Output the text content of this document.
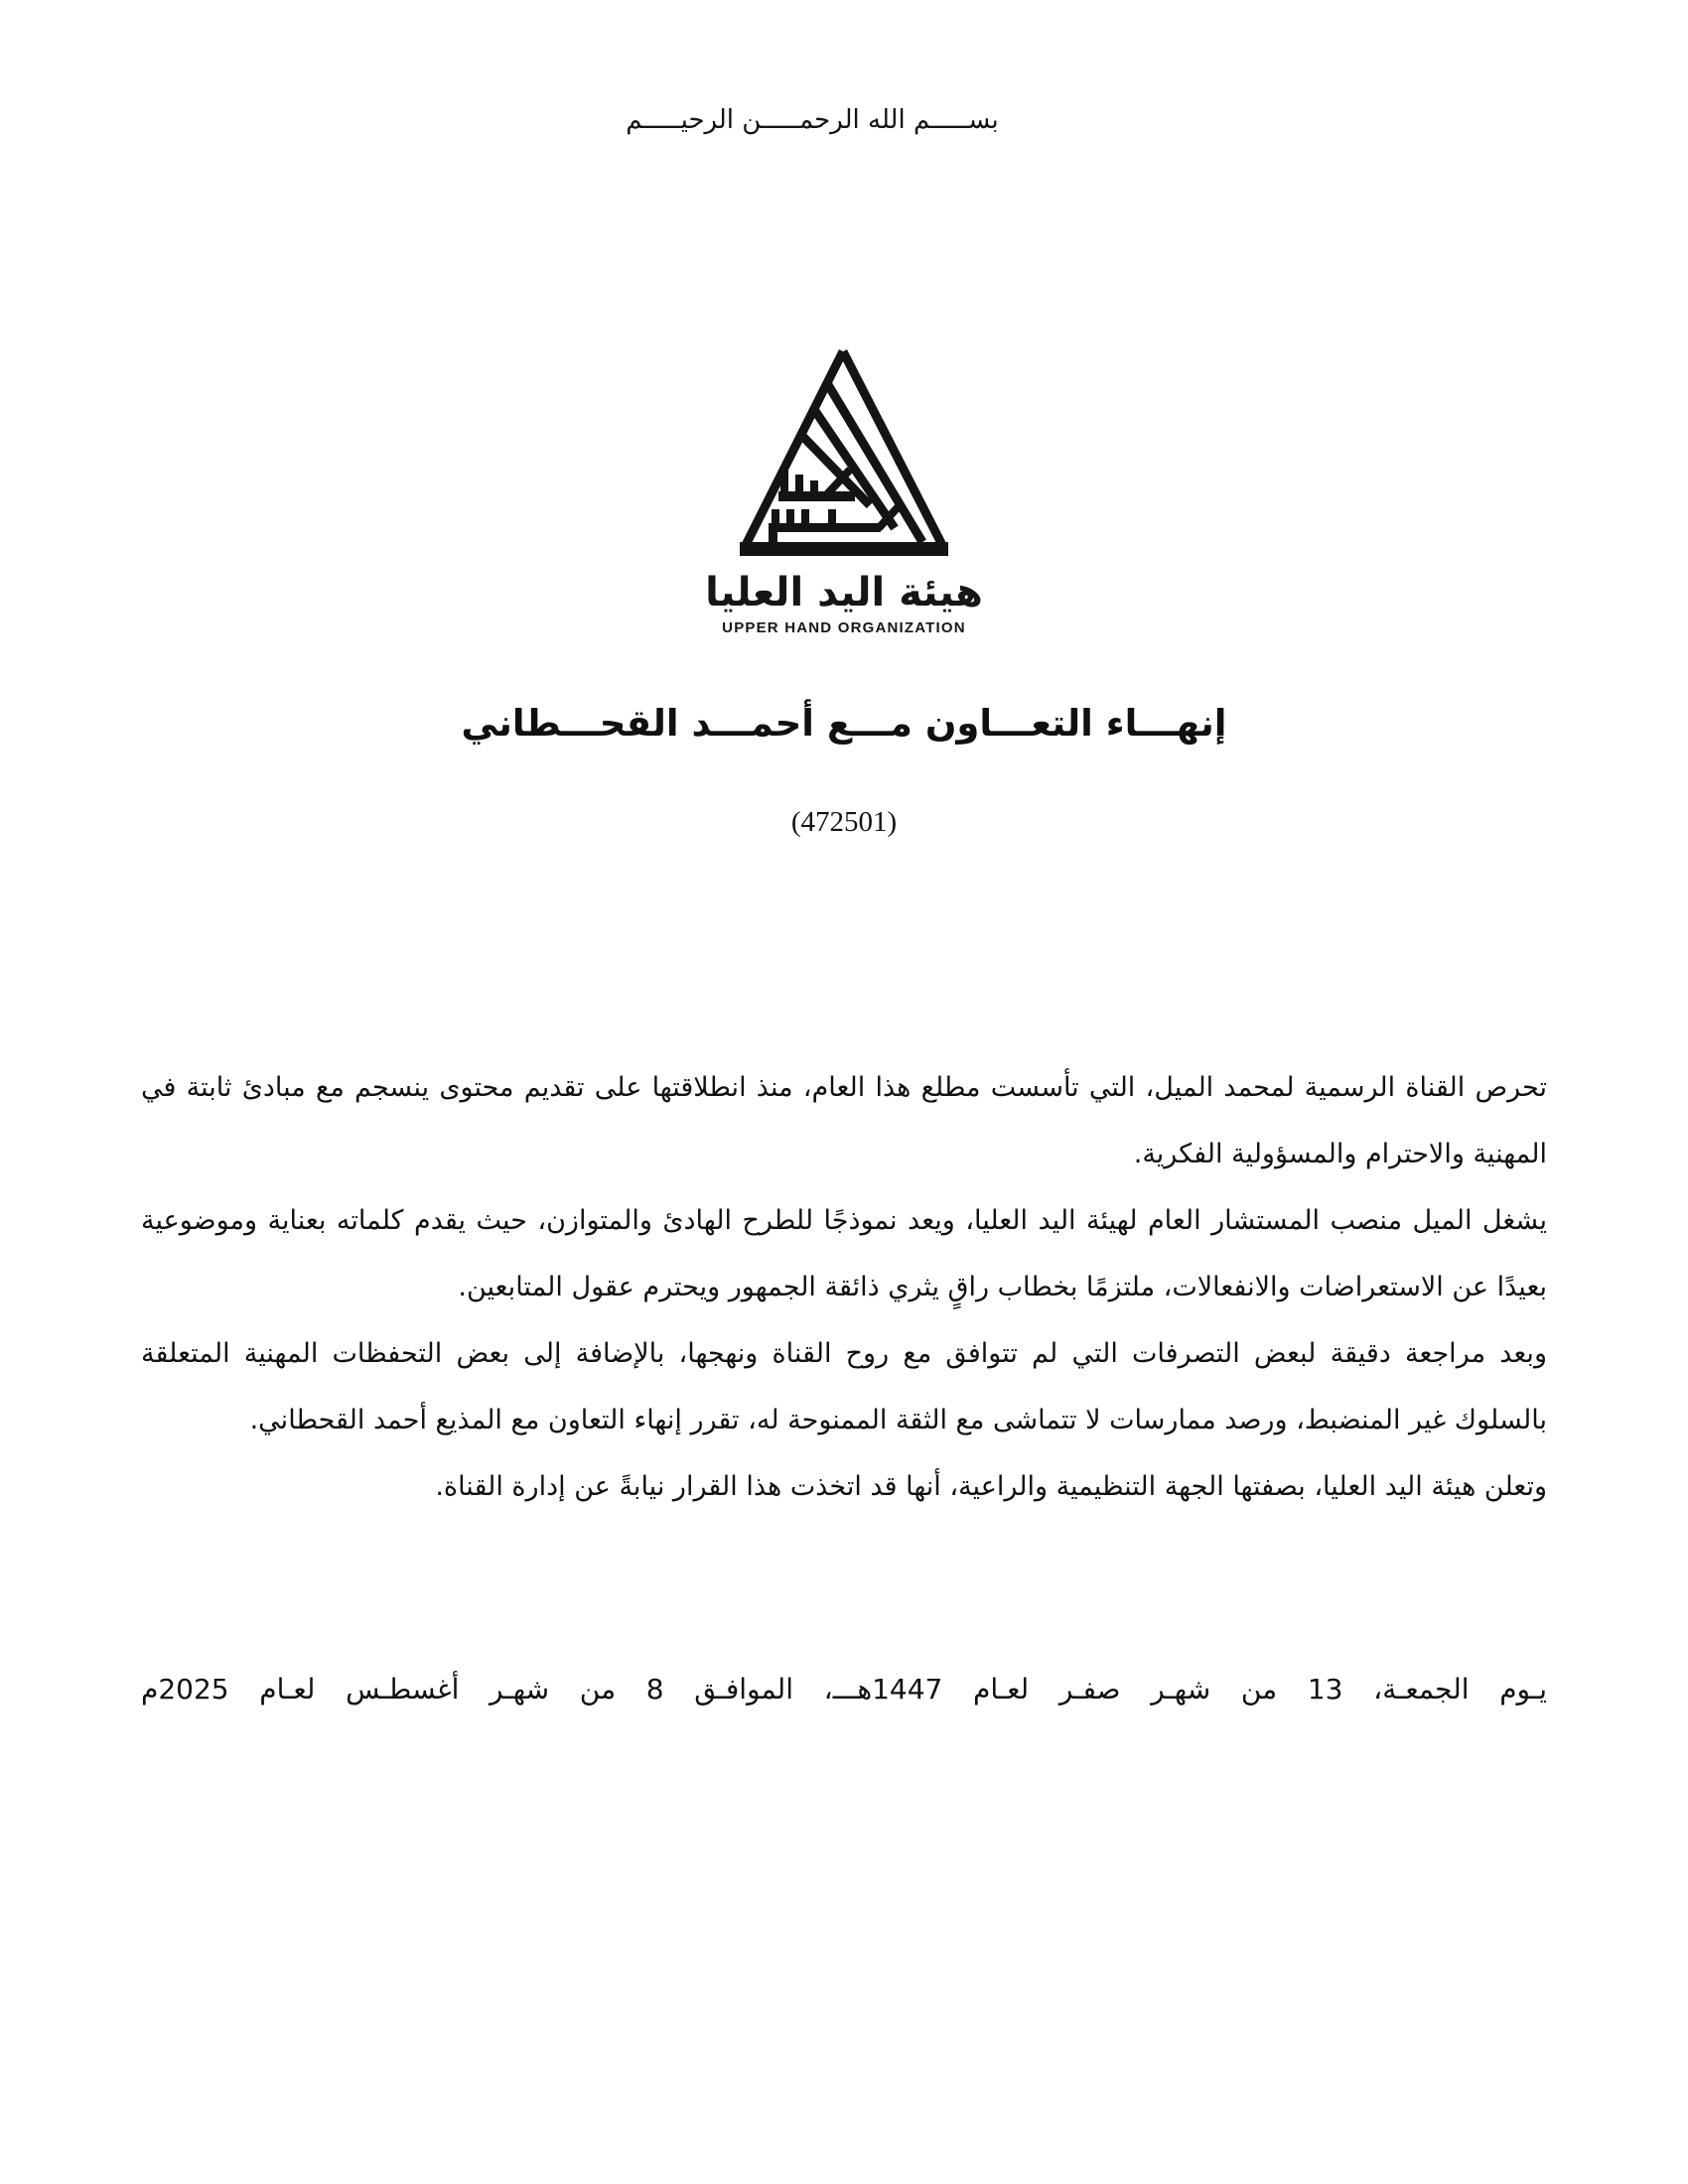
بســـــم الله الرحمـــــن الرحيـــــم
هيئة اليد العليا
UPPER HAND ORGANIZATION
إنهـــاء التعـــاون مـــع أحمـــد القحـــطاني
(472501)

تحرص القناة الرسمية لمحمد الميل، التي تأسست مطلع هذا العام، منذ انطلاقتها على تقديم محتوى ينسجم مع مبادئ ثابتة في المهنية والاحترام والمسؤولية الفكرية.

يشغل الميل منصب المستشار العام لهيئة اليد العليا، ويعد نموذجًا للطرح الهادئ والمتوازن، حيث يقدم كلماته بعناية وموضوعية بعيدًا عن الاستعراضات والانفعالات، ملتزمًا بخطاب راقٍ يثري ذائقة الجمهور ويحترم عقول المتابعين.

وبعد مراجعة دقيقة لبعض التصرفات التي لم تتوافق مع روح القناة ونهجها، بالإضافة إلى بعض التحفظات المهنية المتعلقة بالسلوك غير المنضبط، ورصد ممارسات لا تتماشى مع الثقة الممنوحة له، تقرر إنهاء التعاون مع المذيع أحمد القحطاني.

وتعلن هيئة اليد العليا، بصفتها الجهة التنظيمية والراعية، أنها قد اتخذت هذا القرار نيابةً عن إدارة القناة.

يـوم الجمعـة، 13 من شهـر صفـر لعـام 1447هـــ، الموافـق 8 من شهـر أغسطـس لعـام 2025م
